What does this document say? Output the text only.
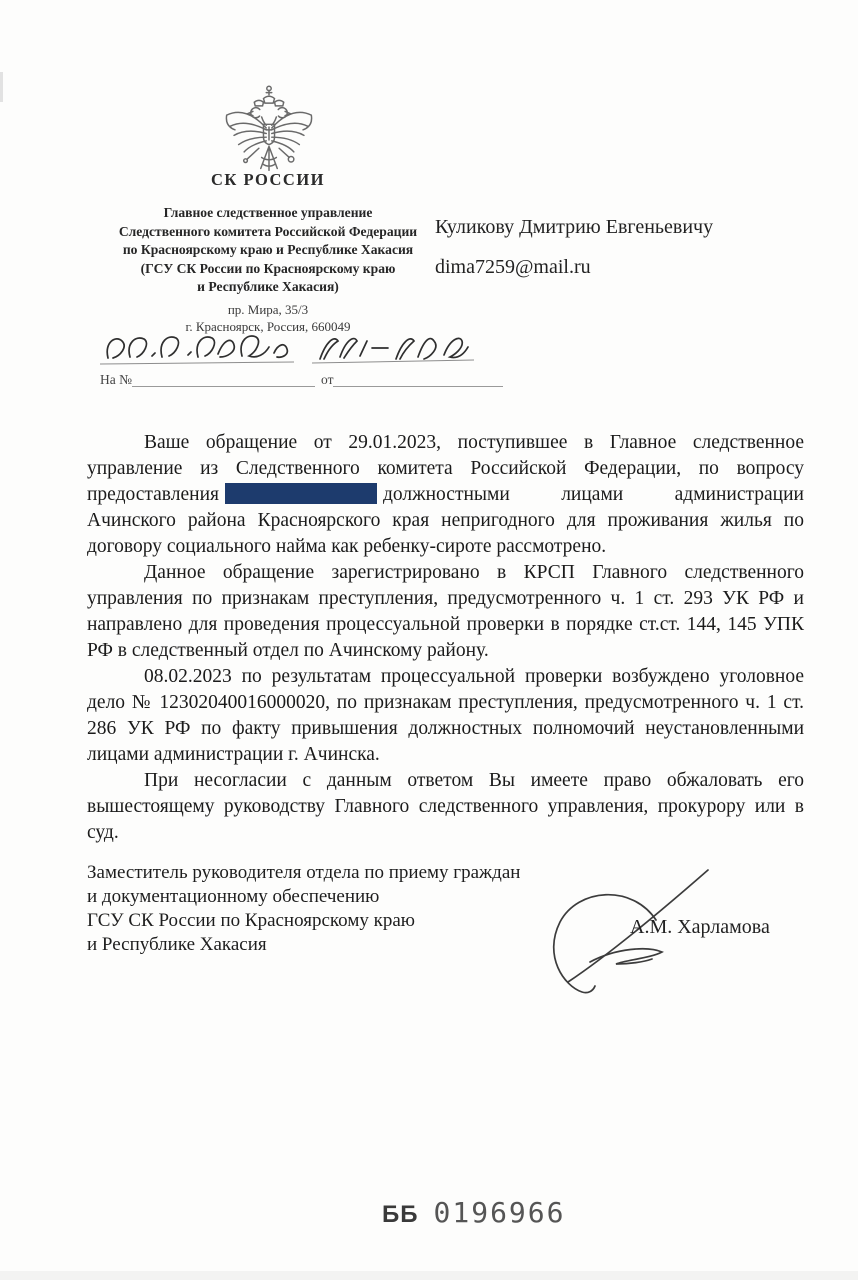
СК РОССИИ
Главное следственное управление
Следственного комитета Российской Федерации
по Красноярскому краю и Республике Хакасия
(ГСУ СК России по Красноярскому краю
и Республике Хакасия)
пр. Мира, 35/3
г. Красноярск, Россия, 660049
Куликову Дмитрию Евгеньевичу
dima7259@mail.ru
На №	от

Ваше обращение от 29.01.2023, поступившее в Главное следственное управление из Следственного комитета Российской Федерации, по вопросу предоставления	должностными лицами администрации Ачинского района Красноярского края непригодного для проживания жилья по договору социального найма как ребенку-сироте рассмотрено.

Данное обращение зарегистрировано в КРСП Главного следственного управления по признакам преступления, предусмотренного ч. 1 ст. 293 УК РФ и направлено для проведения процессуальной проверки в порядке ст.ст. 144, 145 УПК РФ в следственный отдел по Ачинскому району.

08.02.2023 по результатам процессуальной проверки возбуждено уголовное дело № 12302040016000020, по признакам преступления, предусмотренного ч. 1 ст. 286 УК РФ по факту привышения должностных полномочий неустановленными лицами администрации г. Ачинска.

При несогласии с данным ответом Вы имеете право обжаловать его вышестоящему руководству Главного следственного управления, прокурору или в суд.

Заместитель руководителя отдела по приему граждан
и документационному обеспечению
ГСУ СК России по Красноярскому краю
и Республике Хакасия
А.М. Харламова
ББ 0196966
